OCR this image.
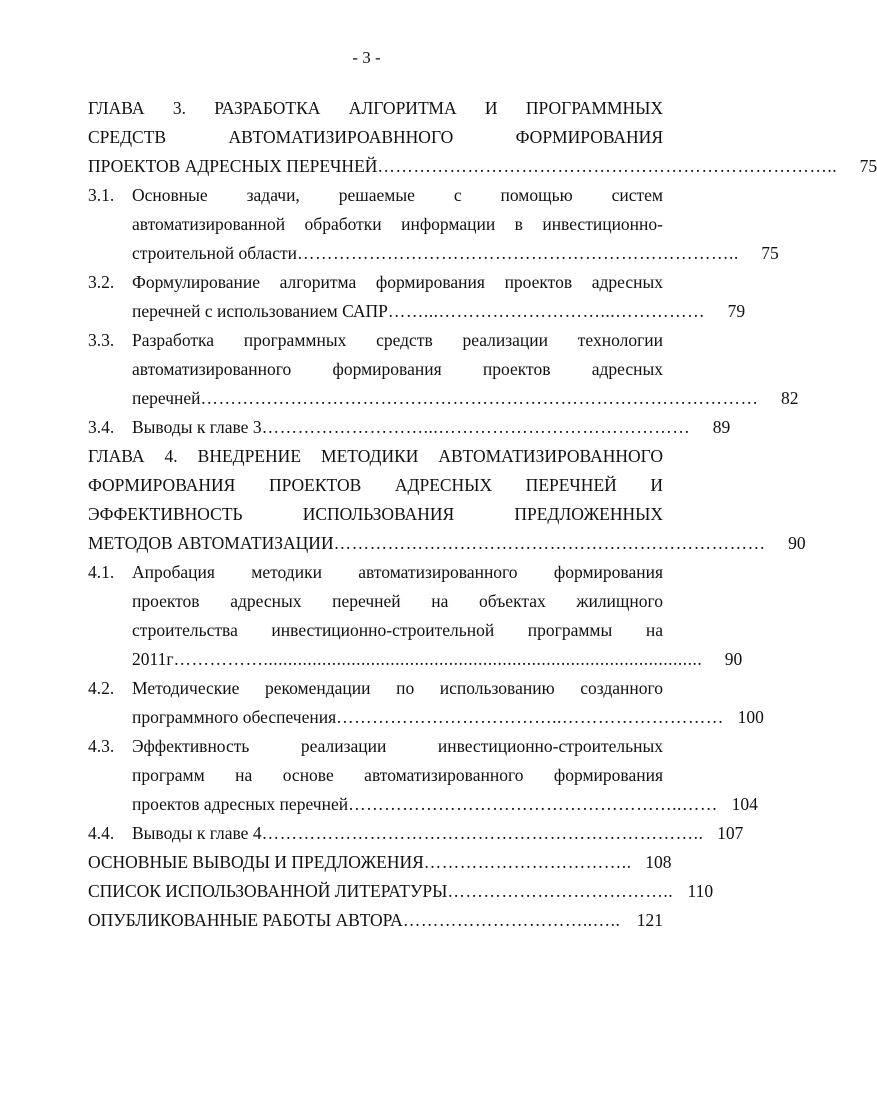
- 3 -
ГЛАВА 3. РАЗРАБОТКА АЛГОРИТМА И ПРОГРАММНЫХ
СРЕДСТВ АВТОМАТИЗИРОАВННОГО ФОРМИРОВАНИЯ
ПРОЕКТОВ АДРЕСНЫХ ПЕРЕЧНЕЙ …………………………………………………………………..	75
3.1.	Основные задачи, решаемые с помощью систем
автоматизированной обработки информации в инвестиционно-
строительной области ………………………………………………………………..	75
3.2.	Формулирование алгоритма формирования проектов адресных
перечней с использованием САПР ……...………………………...……………	79
3.3.	Разработка программных средств реализации технологии
автоматизированного формирования проектов адресных
перечней …………………………………………………………………………………	82
3.4.	Выводы к главе 3 ………………………...……………………………………	89
ГЛАВА 4. ВНЕДРЕНИЕ МЕТОДИКИ АВТОМАТИЗИРОВАННОГО
ФОРМИРОВАНИЯ ПРОЕКТОВ АДРЕСНЫХ ПЕРЕЧНЕЙ И
ЭФФЕКТИВНОСТЬ ИСПОЛЬЗОВАНИЯ ПРЕДЛОЖЕННЫХ
МЕТОДОВ АВТОМАТИЗАЦИИ ………………………………………………………………	90
4.1.	Апробация методики автоматизированного формирования
проектов адресных перечней на объектах жилищного
строительства инвестиционно-строительной программы на
2011г ……………..........................................................................................	90
4.2.	Методические рекомендации по использованию созданного
программного обеспечения ………………………………..……………………… 100
4.3.	Эффективность реализации инвестиционно-строительных
программ на основе автоматизированного формирования
проектов адресных перечней ………………………………………………..…… 104
4.4.	Выводы к главе 4 ……………………………………………………………….. 107
ОСНОВНЫЕ ВЫВОДЫ И ПРЕДЛОЖЕНИЯ …………………………….. 108
СПИСОК ИСПОЛЬЗОВАННОЙ ЛИТЕРАТУРЫ ……………………………….. 110
ОПУБЛИКОВАННЫЕ РАБОТЫ АВТОРА …………………………..….. 121
